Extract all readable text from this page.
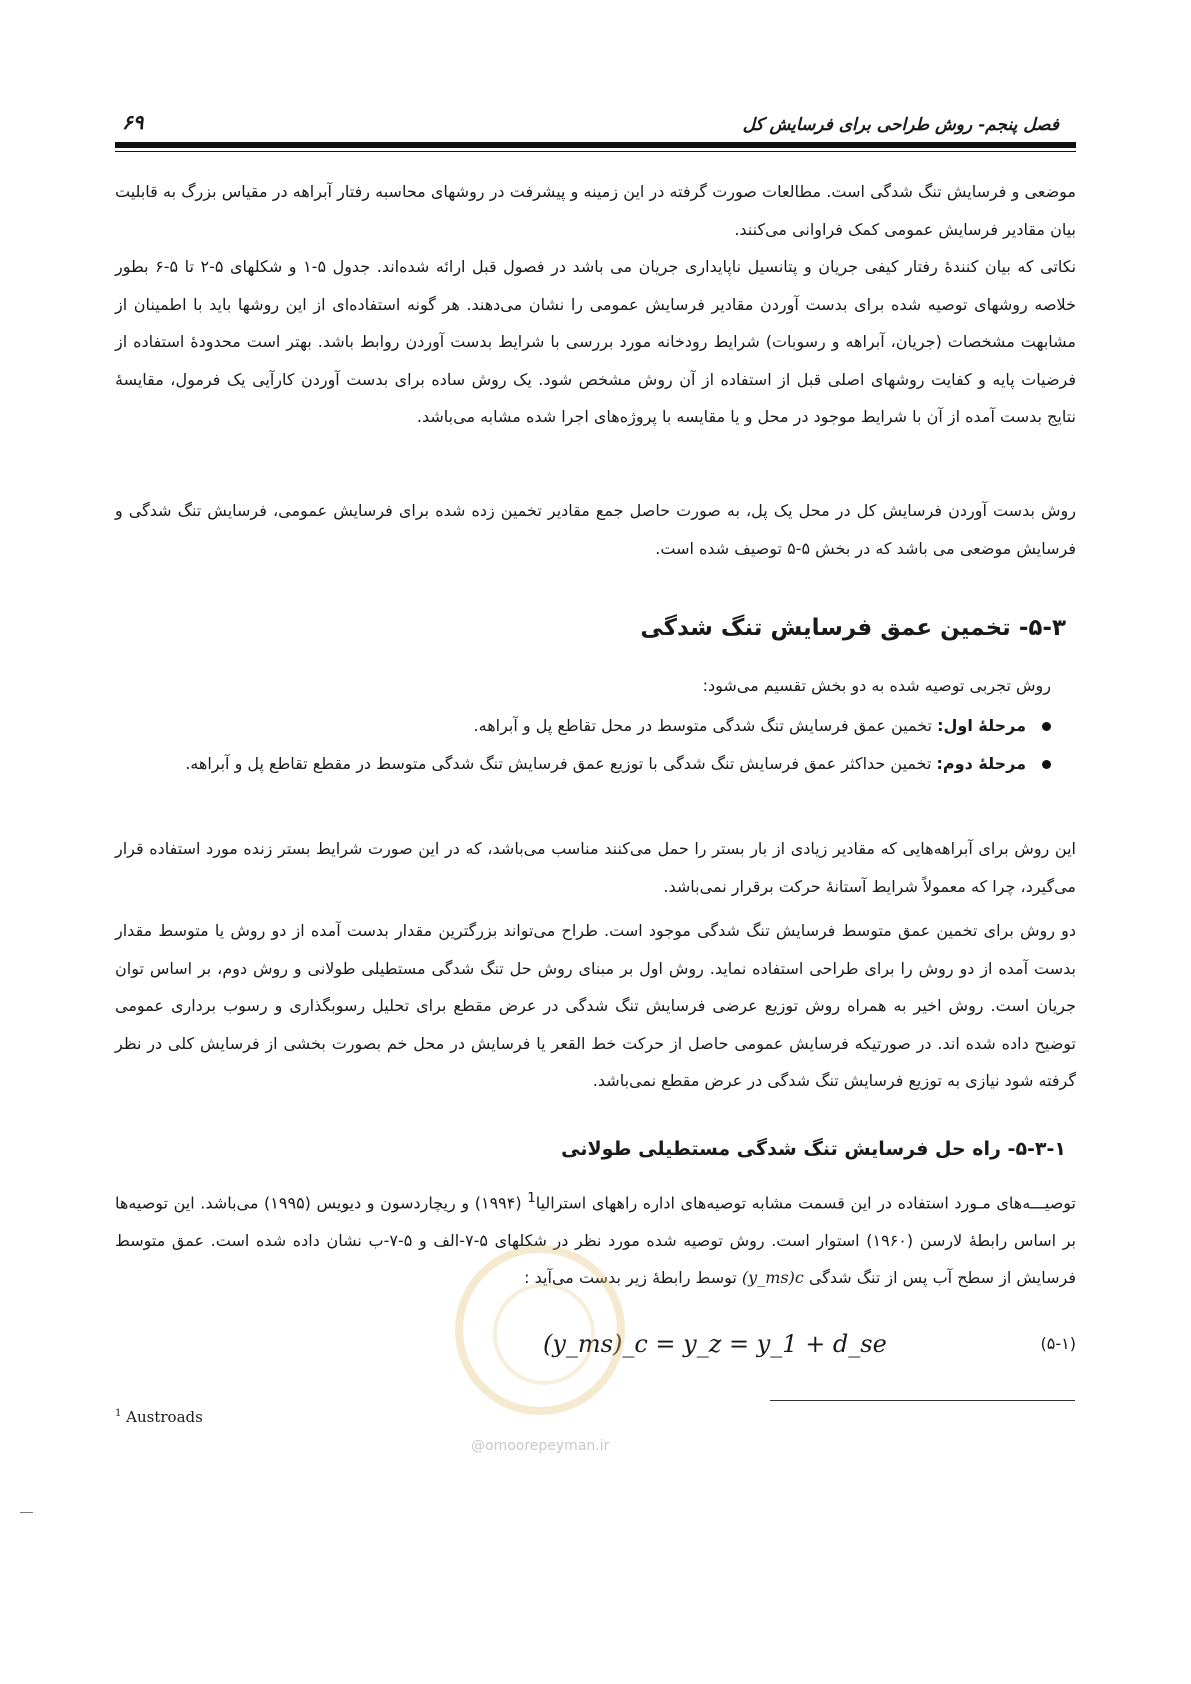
فصل پنجم- روش طراحی برای فرسایش کل
۶۹
موضعی و فرسایش تنگ شدگی است. مطالعات صورت گرفته در این زمینه و پیشرفت در روشهای محاسبه رفتار آبراهه در مقیاس بزرگ به قابلیت بیان مقادیر فرسایش عمومی کمک فراوانی می‌کنند.
نکاتی که بیان کنندهٔ رفتار کیفی جریان و پتانسیل ناپایداری جریان می باشد در فصول قبل ارائه شده‌اند. جدول ۵-۱ و شکلهای ۵-۲ تا ۵-۶ بطور خلاصه روشهای توصیه شده برای بدست آوردن مقادیر فرسایش عمومی را نشان می‌دهند. هر گونه استفاده‌ای از این روشها باید با اطمینان از مشابهت مشخصات (جریان، آبراهه و رسوبات) شرایط رودخانه مورد بررسی با شرایط بدست آوردن روابط باشد. بهتر است محدودهٔ استفاده از فرضیات پایه و کفایت روشهای اصلی قبل از استفاده از آن روش مشخص شود. یک روش ساده برای بدست آوردن کارآیی یک فرمول، مقایسهٔ نتایج بدست آمده از آن با شرایط موجود در محل و یا مقایسه با پروژه‌های اجرا شده مشابه می‌باشد.
روش بدست آوردن فرسایش کل در محل یک پل، به صورت حاصل جمع مقادیر تخمین زده شده برای فرسایش عمومی، فرسایش تنگ شدگی و فرسایش موضعی می باشد که در بخش ۵-۵ توصیف شده است.
۵-۳- تخمین عمق فرسایش تنگ شدگی
روش تجربی توصیه شده به دو بخش تقسیم می‌شود:
مرحلهٔ اول: تخمین عمق فرسایش تنگ شدگی متوسط در محل تقاطع پل و آبراهه.
مرحلهٔ دوم: تخمین حداکثر عمق فرسایش تنگ شدگی با توزیع عمق فرسایش تنگ شدگی متوسط در مقطع تقاطع پل و آبراهه.
این روش برای آبراهه‌هایی که مقادیر زیادی از بار بستر را حمل می‌کنند مناسب می‌باشد، که در این صورت شرایط بستر زنده مورد استفاده قرار می‌گیرد، چرا که معمولاً شرایط آستانهٔ حرکت برقرار نمی‌باشد.
دو روش برای تخمین عمق متوسط فرسایش تنگ شدگی موجود است. طراح می‌تواند بزرگترین مقدار بدست آمده از دو روش یا متوسط مقدار بدست آمده از دو روش را برای طراحی استفاده نماید. روش اول بر مبنای روش حل تنگ شدگی مستطیلی طولانی و روش دوم، بر اساس توان جریان است. روش اخیر به همراه روش توزیع عرضی فرسایش تنگ شدگی در عرض مقطع برای تحلیل رسوبگذاری و رسوب برداری عمومی توضیح داده شده اند. در صورتیکه فرسایش عمومی حاصل از حرکت خط القعر یا فرسایش در محل خم بصورت بخشی از فرسایش کلی در نظر گرفته شود نیازی به توزیع فرسایش تنگ شدگی در عرض مقطع نمی‌باشد.
۵-۳-۱- راه حل فرسایش تنگ شدگی مستطیلی طولانی
توصیـــه‌های مـورد استفاده در این قسمت مشابه توصیه‌های اداره راههای استرالیا$^1$ (۱۹۹۴) و ریچاردسون و دیویس (۱۹۹۵) می‌باشد. این توصیه‌ها بر اساس رابطهٔ لارسن (۱۹۶۰) استوار است. روش توصیه شده مورد نظر در شکلهای ۵-۷-الف و ۵-۷-ب نشان داده شده است. عمق متوسط فرسایش از سطح آب پس از تنگ شدگی (y_ms)c توسط رابطهٔ زیر بدست می‌آید :
(y_ms)_c = y_z = y_1 + d_se	(۵-۱)
$^1$ Austroads
@omoorepeyman.ir
